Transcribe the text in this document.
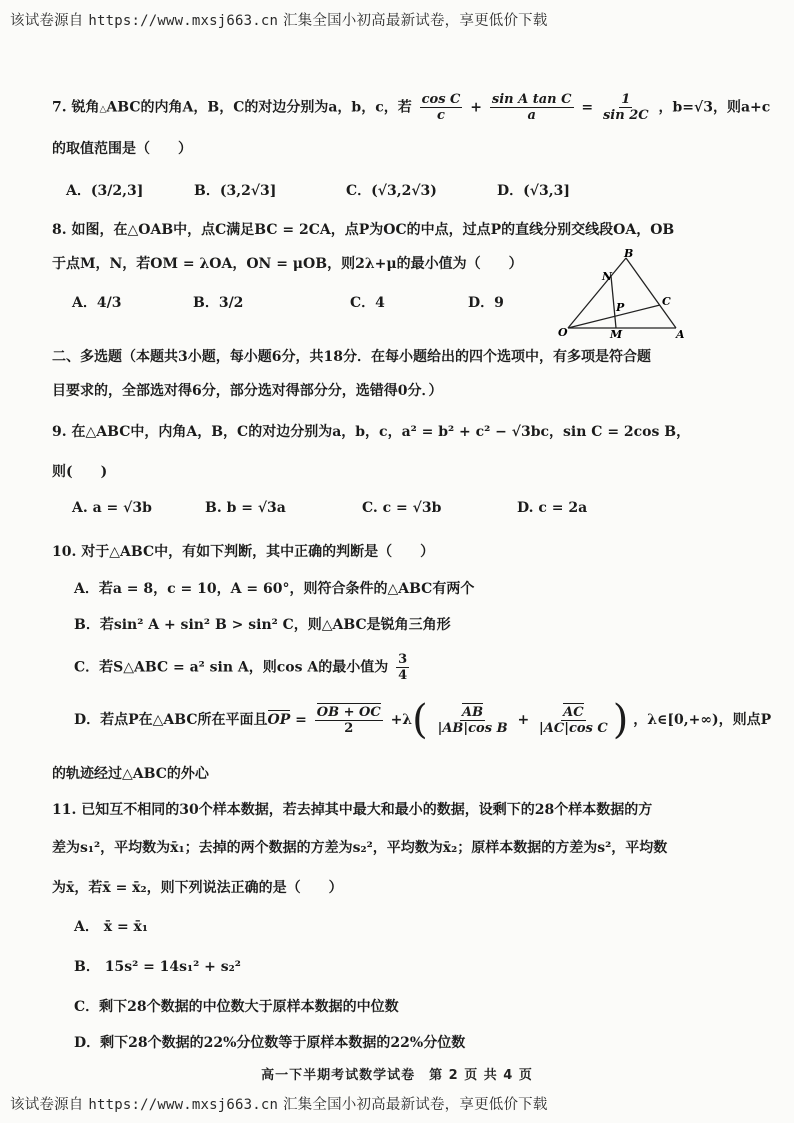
该试卷源自 https://www.mxsj663.cn 汇集全国小初高最新试卷，享更低价下载
7. 锐角△ABC的内角A，B，C的对边分别为a，b，c，若 $\frac{\text{cos C}}{c} + \frac{\text{sin A tan C}}{a} = \frac{1}{\sin 2C}$ ，b=√3，则a+c
的取值范围是（　　）
A．(3/2,3]	B．(3,2√3]	C．(√3,2√3)	D．(√3,3]
8. 如图，在△OAB中，点C满足BC = 2CA，点P为OC的中点，过点P的直线分别交线段OA，OB
于点M，N，若OM = λOA，ON = μOB，则2λ+μ的最小值为（　　）
A．4/3	B．3/2	C．4	D．9
B
N
C
P
O	M	A
二、多选题（本题共3小题，每小题6分，共18分．在每小题给出的四个选项中，有多项是符合题
目要求的，全部选对得6分，部分选对得部分分，选错得0分．）
9. 在△ABC中，内角A，B，C的对边分别为a，b，c，a² = b² + c² − √3bc，sin C = 2cos B，
则(　　)
A. a = √3b	B. b = √3a	C. c = √3b	D. c = 2a
10. 对于△ABC中，有如下判断，其中正确的判断是（　　）
A．若a = 8，c = 10，A = 60°，则符合条件的△ABC有两个
B．若sin² A + sin² B > sin² C，则△ABC是锐角三角形
C．若S△ABC = a² sin A，则cos A的最小值为 $\frac{3}{4}$
D．若点P在△ABC所在平面且OP = $\frac{OB + OC}{2} +\lambda( \frac{AB}{\text{|AB|cos B}} + \frac{AC}{\text{|AC|cos C}}$ ) ，λ∈[0,+∞)，则点P
的轨迹经过△ABC的外心
11. 已知互不相同的30个样本数据，若去掉其中最大和最小的数据，设剩下的28个样本数据的方
差为s₁²，平均数为x̄₁；去掉的两个数据的方差为s₂²，平均数为x̄₂；原样本数据的方差为s²，平均数
为x̄，若x̄ = x̄₂，则下列说法正确的是（　　）
A． x̄ = x̄₁
B． 15s² = 14s₁² + s₂²
C．剩下28个数据的中位数大于原样本数据的中位数
D．剩下28个数据的22%分位数等于原样本数据的22%分位数
高一下半期考试数学试卷　第 2 页 共 4 页
该试卷源自 https://www.mxsj663.cn 汇集全国小初高最新试卷，享更低价下载
